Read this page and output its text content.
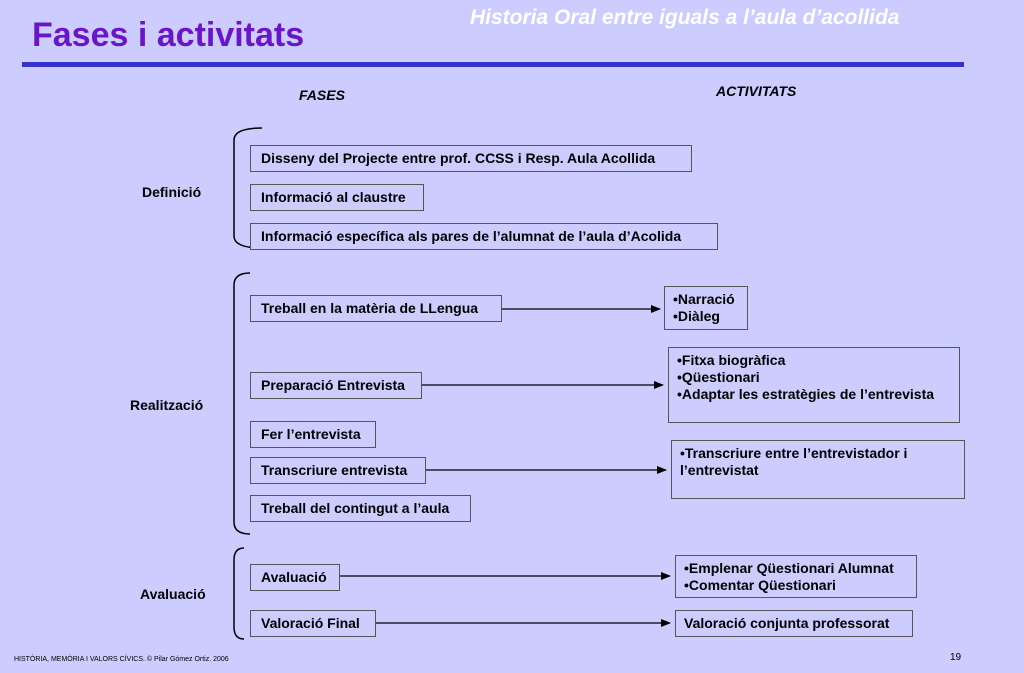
Fases i activitats	Historia Oral entre iguals a l’aula d’acollida
FASES	ACTIVITATS
Definició
Realització
Avaluació
Disseny del Projecte entre prof. CCSS i Resp. Aula Acollida
Informació al claustre
Informació específica als pares de l’alumnat de l’aula d’Acolida
Treball en la matèria de LLengua
Preparació Entrevista
Fer l’entrevista
Transcriure entrevista
Treball del contingut a l’aula
Avaluació
Valoració Final
•Narració
•Diàleg
•Fitxa biogràfica
•Qüestionari
•Adaptar les estratègies de l’entrevista
•Transcriure entre l’entrevistador i
l’entrevistat
•Emplenar Qüestionari Alumnat
•Comentar Qüestionari
Valoració conjunta professorat
HISTÒRIA, MEMÒRIA I VALORS CÍVICS. © Pilar Gómez Ortiz. 2006	19
